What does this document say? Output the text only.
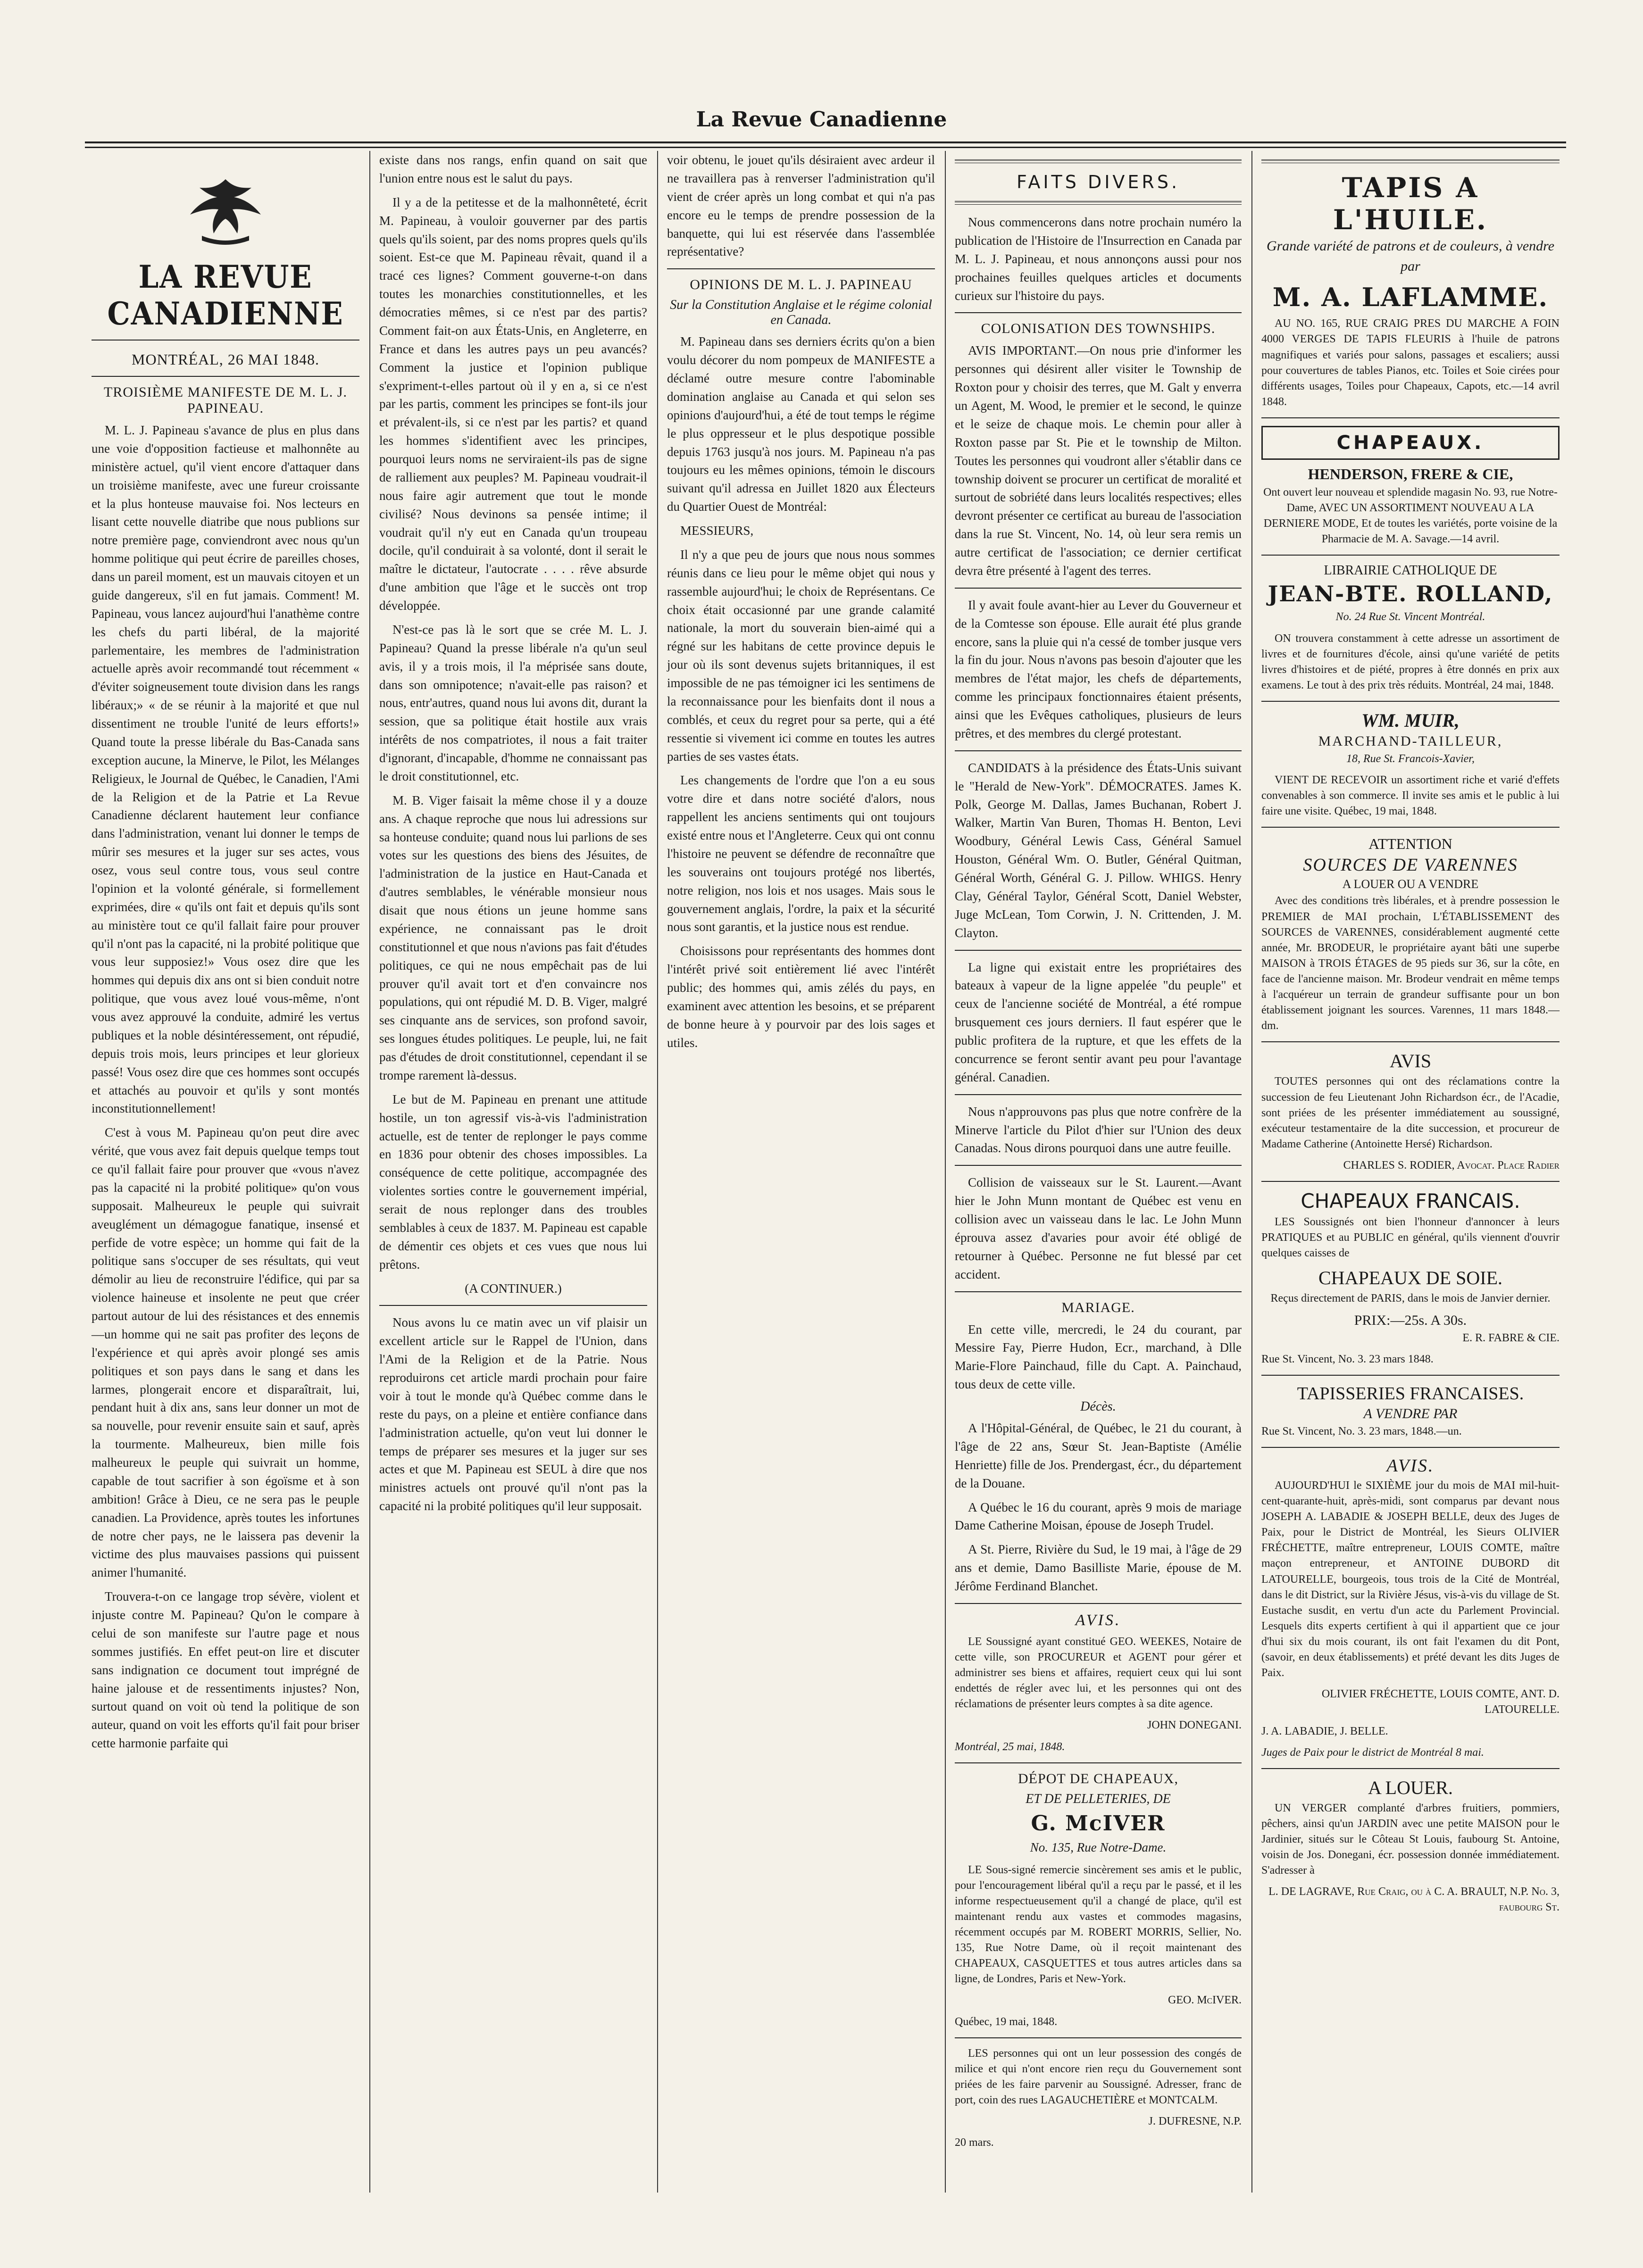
La Revue Canadienne
LA REVUE CANADIENNE
MONTRÉAL, 26 MAI 1848.
TROISIÈME MANIFESTE DE M. L. J. PAPINEAU.

M. L. J. Papineau s'avance de plus en plus dans une voie d'opposition factieuse et malhonnête au ministère actuel, qu'il vient encore d'attaquer dans un troisième manifeste, avec une fureur croissante et la plus honteuse mauvaise foi. Nos lecteurs en lisant cette nouvelle diatribe que nous publions sur notre première page, conviendront avec nous qu'un homme politique qui peut écrire de pareilles choses, dans un pareil moment, est un mauvais citoyen et un guide dangereux, s'il en fut jamais. Comment! M. Papineau, vous lancez aujourd'hui l'anathème contre les chefs du parti libéral, de la majorité parlementaire, les membres de l'administration actuelle après avoir recommandé tout récemment « d'éviter soigneusement toute division dans les rangs libéraux;» « de se réunir à la majorité et que nul dissentiment ne trouble l'unité de leurs efforts!» Quand toute la presse libérale du Bas-Canada sans exception aucune, la Minerve, le Pilot, les Mélanges Religieux, le Journal de Québec, le Canadien, l'Ami de la Religion et de la Patrie et La Revue Canadienne déclarent hautement leur confiance dans l'administration, venant lui donner le temps de mûrir ses mesures et la juger sur ses actes, vous osez, vous seul contre tous, vous seul contre l'opinion et la volonté générale, si formellement exprimées, dire « qu'ils ont fait et depuis qu'ils sont au ministère tout ce qu'il fallait faire pour prouver qu'il n'ont pas la capacité, ni la probité politique que vous leur supposiez!» Vous osez dire que les hommes qui depuis dix ans ont si bien conduit notre politique, que vous avez loué vous-même, n'ont vous avez approuvé la conduite, admiré les vertus publiques et la noble désintéressement, ont répudié, depuis trois mois, leurs principes et leur glorieux passé! Vous osez dire que ces hommes sont occupés et attachés au pouvoir et qu'ils y sont montés inconstitutionnellement!

C'est à vous M. Papineau qu'on peut dire avec vérité, que vous avez fait depuis quelque temps tout ce qu'il fallait faire pour prouver que «vous n'avez pas la capacité ni la probité politique» qu'on vous supposait. Malheureux le peuple qui suivrait aveuglément un démagogue fanatique, insensé et perfide de votre espèce; un homme qui fait de la politique sans s'occuper de ses résultats, qui veut démolir au lieu de reconstruire l'édifice, qui par sa violence haineuse et insolente ne peut que créer partout autour de lui des résistances et des ennemis—un homme qui ne sait pas profiter des leçons de l'expérience et qui après avoir plongé ses amis politiques et son pays dans le sang et dans les larmes, plongerait encore et disparaîtrait, lui, pendant huit à dix ans, sans leur donner un mot de sa nouvelle, pour revenir ensuite sain et sauf, après la tourmente. Malheureux, bien mille fois malheureux le peuple qui suivrait un homme, capable de tout sacrifier à son égoïsme et à son ambition! Grâce à Dieu, ce ne sera pas le peuple canadien. La Providence, après toutes les infortunes de notre cher pays, ne le laissera pas devenir la victime des plus mauvaises passions qui puissent animer l'humanité.

Trouvera-t-on ce langage trop sévère, violent et injuste contre M. Papineau? Qu'on le compare à celui de son manifeste sur l'autre page et nous sommes justifiés. En effet peut-on lire et discuter sans indignation ce document tout imprégné de haine jalouse et de ressentiments injustes? Non, surtout quand on voit où tend la politique de son auteur, quand on voit les efforts qu'il fait pour briser cette harmonie parfaite qui

existe dans nos rangs, enfin quand on sait que l'union entre nous est le salut du pays.

Il y a de la petitesse et de la malhonnêteté, écrit M. Papineau, à vouloir gouverner par des partis quels qu'ils soient, par des noms propres quels qu'ils soient. Est-ce que M. Papineau rêvait, quand il a tracé ces lignes? Comment gouverne-t-on dans toutes les monarchies constitutionnelles, et les démocraties mêmes, si ce n'est par des partis? Comment fait-on aux États-Unis, en Angleterre, en France et dans les autres pays un peu avancés? Comment la justice et l'opinion publique s'expriment-t-elles partout où il y en a, si ce n'est par les partis, comment les principes se font-ils jour et prévalent-ils, si ce n'est par les partis? et quand les hommes s'identifient avec les principes, pourquoi leurs noms ne serviraient-ils pas de signe de ralliement aux peuples? M. Papineau voudrait-il nous faire agir autrement que tout le monde civilisé? Nous devinons sa pensée intime; il voudrait qu'il n'y eut en Canada qu'un troupeau docile, qu'il conduirait à sa volonté, dont il serait le maître le dictateur, l'autocrate . . . . rêve absurde d'une ambition que l'âge et le succès ont trop développée.

N'est-ce pas là le sort que se crée M. L. J. Papineau? Quand la presse libérale n'a qu'un seul avis, il y a trois mois, il l'a méprisée sans doute, dans son omnipotence; n'avait-elle pas raison? et nous, entr'autres, quand nous lui avons dit, durant la session, que sa politique était hostile aux vrais intérêts de nos compatriotes, il nous a fait traiter d'ignorant, d'incapable, d'homme ne connaissant pas le droit constitutionnel, etc.

M. B. Viger faisait la même chose il y a douze ans. A chaque reproche que nous lui adressions sur sa honteuse conduite; quand nous lui parlions de ses votes sur les questions des biens des Jésuites, de l'administration de la justice en Haut-Canada et d'autres semblables, le vénérable monsieur nous disait que nous étions un jeune homme sans expérience, ne connaissant pas le droit constitutionnel et que nous n'avions pas fait d'études politiques, ce qui ne nous empêchait pas de lui prouver qu'il avait tort et d'en convaincre nos populations, qui ont répudié M. D. B. Viger, malgré ses cinquante ans de services, son profond savoir, ses longues études politiques. Le peuple, lui, ne fait pas d'études de droit constitutionnel, cependant il se trompe rarement là-dessus.

Le but de M. Papineau en prenant une attitude hostile, un ton agressif vis-à-vis l'administration actuelle, est de tenter de replonger le pays comme en 1836 pour obtenir des choses impossibles. La conséquence de cette politique, accompagnée des violentes sorties contre le gouvernement impérial, serait de nous replonger dans des troubles semblables à ceux de 1837. M. Papineau est capable de démentir ces objets et ces vues que nous lui prêtons.

(A CONTINUER.)

Nous avons lu ce matin avec un vif plaisir un excellent article sur le Rappel de l'Union, dans l'Ami de la Religion et de la Patrie. Nous reproduirons cet article mardi prochain pour faire voir à tout le monde qu'à Québec comme dans le reste du pays, on a pleine et entière confiance dans l'administration actuelle, qu'on veut lui donner le temps de préparer ses mesures et la juger sur ses actes et que M. Papineau est SEUL à dire que nos ministres actuels ont prouvé qu'il n'ont pas la capacité ni la probité politiques qu'il leur supposait.

voir obtenu, le jouet qu'ils désiraient avec ardeur il ne travaillera pas à renverser l'administration qu'il vient de créer après un long combat et qui n'a pas encore eu le temps de prendre possession de la banquette, qui lui est réservée dans l'assemblée représentative?

OPINIONS DE M. L. J. PAPINEAU
Sur la Constitution Anglaise et le régime colonial en Canada.

M. Papineau dans ses derniers écrits qu'on a bien voulu décorer du nom pompeux de MANIFESTE a déclamé outre mesure contre l'abominable domination anglaise au Canada et qui selon ses opinions d'aujourd'hui, a été de tout temps le régime le plus oppresseur et le plus despotique possible depuis 1763 jusqu'à nos jours. M. Papineau n'a pas toujours eu les mêmes opinions, témoin le discours suivant qu'il adressa en Juillet 1820 aux Électeurs du Quartier Ouest de Montréal:

MESSIEURS,

Il n'y a que peu de jours que nous nous sommes réunis dans ce lieu pour le même objet qui nous y rassemble aujourd'hui; le choix de Représentans. Ce choix était occasionné par une grande calamité nationale, la mort du souverain bien-aimé qui a régné sur les habitans de cette province depuis le jour où ils sont devenus sujets britanniques, il est impossible de ne pas témoigner ici les sentimens de la reconnaissance pour les bienfaits dont il nous a comblés, et ceux du regret pour sa perte, qui a été ressentie si vivement ici comme en toutes les autres parties de ses vastes états.

Les changements de l'ordre que l'on a eu sous votre dire et dans notre société d'alors, nous rappellent les anciens sentiments qui ont toujours existé entre nous et l'Angleterre. Ceux qui ont connu l'histoire ne peuvent se défendre de reconnaître que les souverains ont toujours protégé nos libertés, notre religion, nos lois et nos usages. Mais sous le gouvernement anglais, l'ordre, la paix et la sécurité nous sont garantis, et la justice nous est rendue.

Choisissons pour représentants des hommes dont l'intérêt privé soit entièrement lié avec l'intérêt public; des hommes qui, amis zélés du pays, en examinent avec attention les besoins, et se préparent de bonne heure à y pourvoir par des lois sages et utiles.

FAITS DIVERS.

Nous commencerons dans notre prochain numéro la publication de l'Histoire de l'Insurrection en Canada par M. L. J. Papineau, et nous annonçons aussi pour nos prochaines feuilles quelques articles et documents curieux sur l'histoire du pays.

COLONISATION DES TOWNSHIPS.

AVIS IMPORTANT.—On nous prie d'informer les personnes qui désirent aller visiter le Township de Roxton pour y choisir des terres, que M. Galt y enverra un Agent, M. Wood, le premier et le second, le quinze et le seize de chaque mois. Le chemin pour aller à Roxton passe par St. Pie et le township de Milton. Toutes les personnes qui voudront aller s'établir dans ce township doivent se procurer un certificat de moralité et surtout de sobriété dans leurs localités respectives; elles devront présenter ce certificat au bureau de l'association dans la rue St. Vincent, No. 14, où leur sera remis un autre certificat de l'association; ce dernier certificat devra être présenté à l'agent des terres.

Il y avait foule avant-hier au Lever du Gouverneur et de la Comtesse son épouse. Elle aurait été plus grande encore, sans la pluie qui n'a cessé de tomber jusque vers la fin du jour. Nous n'avons pas besoin d'ajouter que les membres de l'état major, les chefs de départements, comme les principaux fonctionnaires étaient présents, ainsi que les Evêques catholiques, plusieurs de leurs prêtres, et des membres du clergé protestant.

CANDIDATS à la présidence des États-Unis suivant le "Herald de New-York". DÉMOCRATES. James K. Polk, George M. Dallas, James Buchanan, Robert J. Walker, Martin Van Buren, Thomas H. Benton, Levi Woodbury, Général Lewis Cass, Général Samuel Houston, Général Wm. O. Butler, Général Quitman, Général Worth, Général G. J. Pillow. WHIGS. Henry Clay, Général Taylor, Général Scott, Daniel Webster, Juge McLean, Tom Corwin, J. N. Crittenden, J. M. Clayton.

La ligne qui existait entre les propriétaires des bateaux à vapeur de la ligne appelée "du peuple" et ceux de l'ancienne société de Montréal, a été rompue brusquement ces jours derniers. Il faut espérer que le public profitera de la rupture, et que les effets de la concurrence se feront sentir avant peu pour l'avantage général. Canadien.

Nous n'approuvons pas plus que notre confrère de la Minerve l'article du Pilot d'hier sur l'Union des deux Canadas. Nous dirons pourquoi dans une autre feuille.

Collision de vaisseaux sur le St. Laurent.—Avant hier le John Munn montant de Québec est venu en collision avec un vaisseau dans le lac. Le John Munn éprouva assez d'avaries pour avoir été obligé de retourner à Québec. Personne ne fut blessé par cet accident.

MARIAGE.

En cette ville, mercredi, le 24 du courant, par Messire Fay, Pierre Hudon, Ecr., marchand, à Dlle Marie-Flore Painchaud, fille du Capt. A. Painchaud, tous deux de cette ville.

Décès.

A l'Hôpital-Général, de Québec, le 21 du courant, à l'âge de 22 ans, Sœur St. Jean-Baptiste (Amélie Henriette) fille de Jos. Prendergast, écr., du département de la Douane.

A Québec le 16 du courant, après 9 mois de mariage Dame Catherine Moisan, épouse de Joseph Trudel.

A St. Pierre, Rivière du Sud, le 19 mai, à l'âge de 29 ans et demie, Damo Basilliste Marie, épouse de M. Jérôme Ferdinand Blanchet.

AVIS.

LE Soussigné ayant constitué GEO. WEEKES, Notaire de cette ville, son PROCUREUR et AGENT pour gérer et administrer ses biens et affaires, requiert ceux qui lui sont endettés de régler avec lui, et les personnes qui ont des réclamations de présenter leurs comptes à sa dite agence.

JOHN DONEGANI.

Montréal, 25 mai, 1848.

DÉPOT DE CHAPEAUX,
ET DE PELLETERIES, DE
G. McIVER

No. 135, Rue Notre-Dame.

LE Sous-signé remercie sincèrement ses amis et le public, pour l'encouragement libéral qu'il a reçu par le passé, et il les informe respectueusement qu'il a changé de place, qu'il est maintenant rendu aux vastes et commodes magasins, récemment occupés par M. ROBERT MORRIS, Sellier, No. 135, Rue Notre Dame, où il reçoit maintenant des CHAPEAUX, CASQUETTES et tous autres articles dans sa ligne, de Londres, Paris et New-York.

GEO. McIVER.

Québec, 19 mai, 1848.

LES personnes qui ont un leur possession des congés de milice et qui n'ont encore rien reçu du Gouvernement sont priées de les faire parvenir au Soussigné. Adresser, franc de port, coin des rues LAGAUCHETIÈRE et MONTCALM.

J. DUFRESNE, N.P.

20 mars.

TAPIS A L'HUILE.

Grande variété de patrons et de couleurs, à vendre par

M. A. LAFLAMME.

AU NO. 165, RUE CRAIG PRES DU MARCHE A FOIN 4000 VERGES DE TAPIS FLEURIS à l'huile de patrons magnifiques et variés pour salons, passages et escaliers; aussi pour couvertures de tables Pianos, etc. Toiles et Soie cirées pour différents usages, Toiles pour Chapeaux, Capots, etc.—14 avril 1848.

CHAPEAUX.
HENDERSON, FRERE & CIE,

Ont ouvert leur nouveau et splendide magasin No. 93, rue Notre-Dame, AVEC UN ASSORTIMENT NOUVEAU A LA DERNIERE MODE, Et de toutes les variétés, porte voisine de la Pharmacie de M. A. Savage.—14 avril.

LIBRAIRIE CATHOLIQUE DE
JEAN-BTE. ROLLAND,

No. 24 Rue St. Vincent Montréal.

ON trouvera constamment à cette adresse un assortiment de livres et de fournitures d'école, ainsi qu'une variété de petits livres d'histoires et de piété, propres à être donnés en prix aux examens. Le tout à des prix très réduits. Montréal, 24 mai, 1848.

WM. MUIR,
MARCHAND-TAILLEUR,

18, Rue St. Francois-Xavier,

VIENT DE RECEVOIR un assortiment riche et varié d'effets convenables à son commerce. Il invite ses amis et le public à lui faire une visite. Québec, 19 mai, 1848.

ATTENTION
SOURCES DE VARENNES
A LOUER OU A VENDRE

Avec des conditions très libérales, et à prendre possession le PREMIER de MAI prochain, L'ÉTABLISSEMENT des SOURCES de VARENNES, considérablement augmenté cette année, Mr. BRODEUR, le propriétaire ayant bâti une superbe MAISON à TROIS ÉTAGES de 95 pieds sur 36, sur la côte, en face de l'ancienne maison. Mr. Brodeur vendrait en même temps à l'acquéreur un terrain de grandeur suffisante pour un bon établissement joignant les sources. Varennes, 11 mars 1848.—dm.

AVIS

TOUTES personnes qui ont des réclamations contre la succession de feu Lieutenant John Richardson écr., de l'Acadie, sont priées de les présenter immédiatement au soussigné, exécuteur testamentaire de la dite succession, et procureur de Madame Catherine (Antoinette Hersé) Richardson.

CHARLES S. RODIER, Avocat. Place Radier

CHAPEAUX FRANCAIS.

LES Soussignés ont bien l'honneur d'annoncer à leurs PRATIQUES et au PUBLIC en général, qu'ils viennent d'ouvrir quelques caisses de

CHAPEAUX DE SOIE.

Reçus directement de PARIS, dans le mois de Janvier dernier.

PRIX:—25s. A 30s.

E. R. FABRE & CIE.

Rue St. Vincent, No. 3. 23 mars 1848.

TAPISSERIES FRANCAISES.
A VENDRE PAR

Rue St. Vincent, No. 3. 23 mars, 1848.—un.

AVIS.

AUJOURD'HUI le SIXIÈME jour du mois de MAI mil-huit-cent-quarante-huit, après-midi, sont comparus par devant nous JOSEPH A. LABADIE & JOSEPH BELLE, deux des Juges de Paix, pour le District de Montréal, les Sieurs OLIVIER FRÉCHETTE, maître entrepreneur, LOUIS COMTE, maître maçon entrepreneur, et ANTOINE DUBORD dit LATOURELLE, bourgeois, tous trois de la Cité de Montréal, dans le dit District, sur la Rivière Jésus, vis-à-vis du village de St. Eustache susdit, en vertu d'un acte du Parlement Provincial. Lesquels dits experts certifient à qui il appartient que ce jour d'hui six du mois courant, ils ont fait l'examen du dit Pont, (savoir, en deux établissements) et prété devant les dits Juges de Paix.

OLIVIER FRÉCHETTE, LOUIS COMTE, ANT. D. LATOURELLE.

J. A. LABADIE, J. BELLE.

Juges de Paix pour le district de Montréal 8 mai.

A LOUER.

UN VERGER complanté d'arbres fruitiers, pommiers, pêchers, ainsi qu'un JARDIN avec une petite MAISON pour le Jardinier, situés sur le Côteau St Louis, faubourg St. Antoine, voisin de Jos. Donegani, écr. possession donnée immédiatement. S'adresser à

L. DE LAGRAVE, Rue Craig, ou à C. A. BRAULT, N.P. No. 3, faubourg St.
